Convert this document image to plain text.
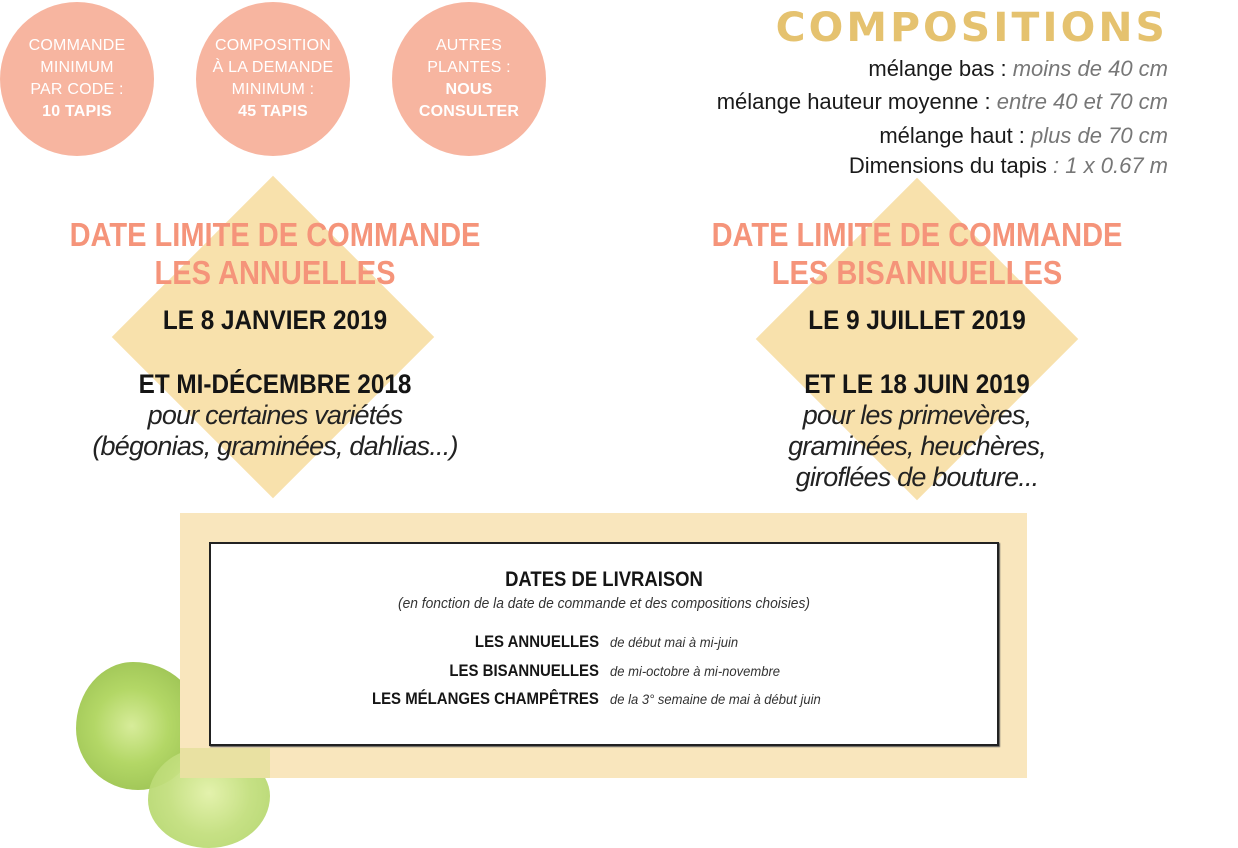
COMMANDE
MINIMUM
PAR CODE :
10 TAPIS
COMPOSITION
À LA DEMANDE
MINIMUM :
45 TAPIS
AUTRES
PLANTES :
NOUS
CONSULTER
COMPOSITIONS
mélange bas : moins de 40 cm
mélange hauteur moyenne : entre 40 et 70 cm
mélange haut : plus de 70 cm
Dimensions du tapis : 1 x 0.67 m
DATE LIMITE DE COMMANDE
LES ANNUELLES
LE 8 JANVIER 2019
ET MI-DÉCEMBRE 2018
pour certaines variétés
(bégonias, graminées, dahlias...)
DATE LIMITE DE COMMANDE
LES BISANNUELLES
LE 9 JUILLET 2019
ET LE 18 JUIN 2019
pour les primevères,
graminées, heuchères,
giroflées de bouture...
DATES DE LIVRAISON
(en fonction de la date de commande et des compositions choisies)
LES ANNUELLES de début mai à mi-juin
LES BISANNUELLES de mi-octobre à mi-novembre
LES MÉLANGES CHAMPÊTRES de la 3° semaine de mai à début juin
